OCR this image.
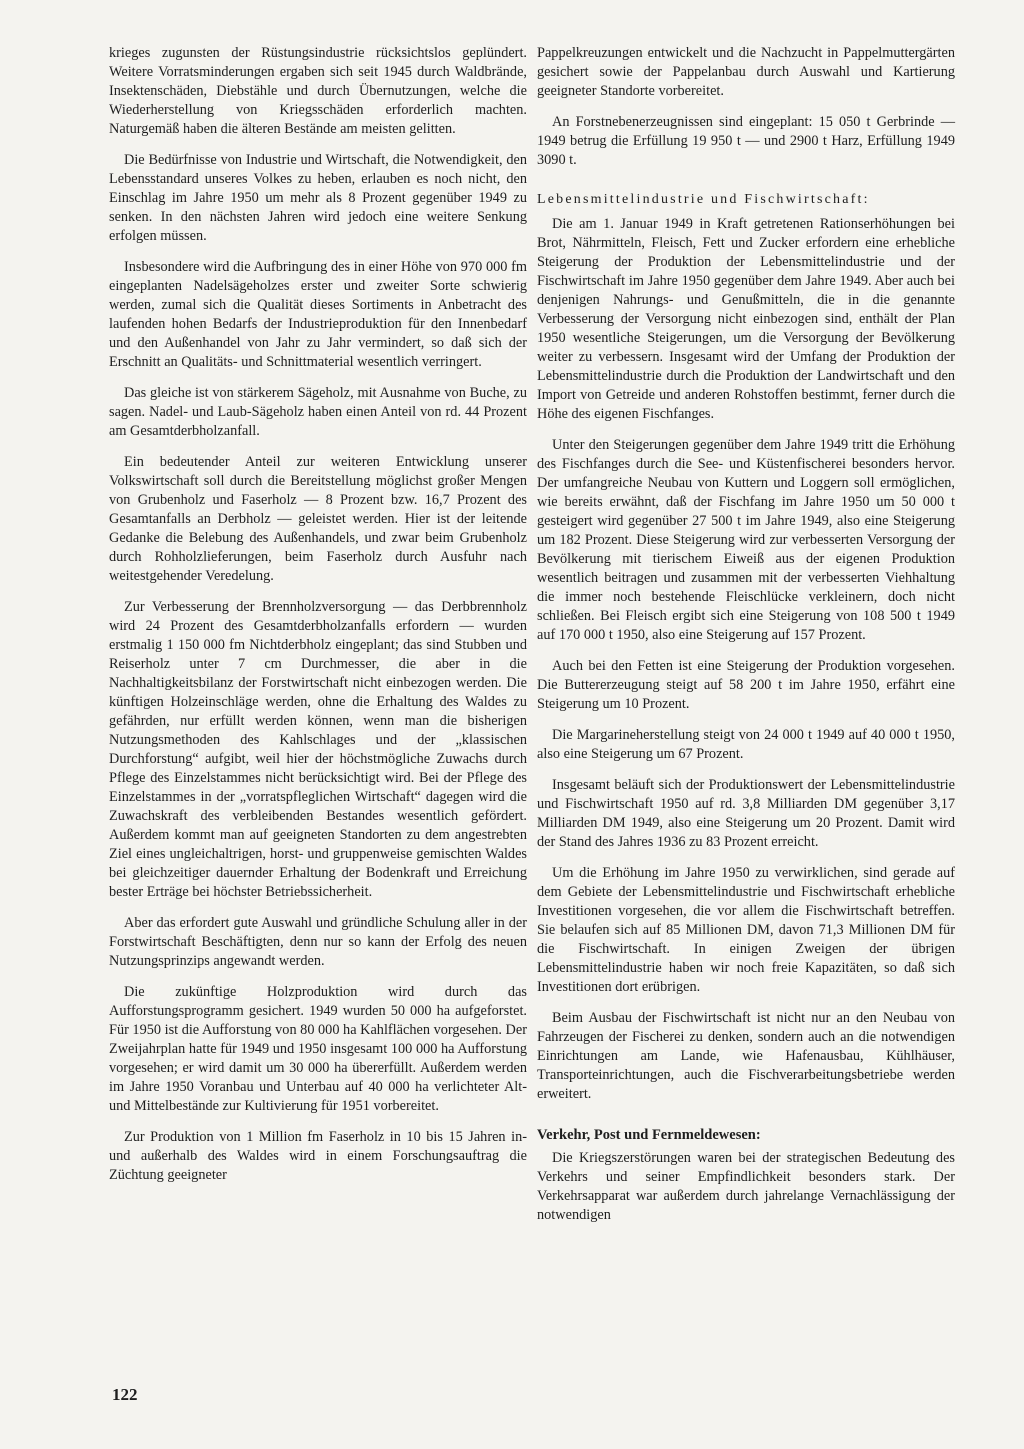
krieges zugunsten der Rüstungsindustrie rücksichtslos geplündert. Weitere Vorratsminderungen ergaben sich seit 1945 durch Waldbrände, Insektenschäden, Diebstähle und durch Übernutzungen, welche die Wiederherstellung von Kriegsschäden erforderlich machten. Naturgemäß haben die älteren Bestände am meisten gelitten.

Die Bedürfnisse von Industrie und Wirtschaft, die Notwendigkeit, den Lebensstandard unseres Volkes zu heben, erlauben es noch nicht, den Einschlag im Jahre 1950 um mehr als 8 Prozent gegenüber 1949 zu senken. In den nächsten Jahren wird jedoch eine weitere Senkung erfolgen müssen.

Insbesondere wird die Aufbringung des in einer Höhe von 970 000 fm eingeplanten Nadelsägeholzes erster und zweiter Sorte schwierig werden, zumal sich die Qualität dieses Sortiments in Anbetracht des laufenden hohen Bedarfs der Industrieproduktion für den Innenbedarf und den Außenhandel von Jahr zu Jahr vermindert, so daß sich der Erschnitt an Qualitäts- und Schnittmaterial wesentlich verringert.

Das gleiche ist von stärkerem Sägeholz, mit Ausnahme von Buche, zu sagen. Nadel- und Laub-Sägeholz haben einen Anteil von rd. 44 Prozent am Gesamtderbholzanfall.

Ein bedeutender Anteil zur weiteren Entwicklung unserer Volkswirtschaft soll durch die Bereitstellung möglichst großer Mengen von Grubenholz und Faserholz — 8 Prozent bzw. 16,7 Prozent des Gesamtanfalls an Derbholz — geleistet werden. Hier ist der leitende Gedanke die Belebung des Außenhandels, und zwar beim Grubenholz durch Rohholzlieferungen, beim Faserholz durch Ausfuhr nach weitestgehender Veredelung.

Zur Verbesserung der Brennholzversorgung — das Derbbrennholz wird 24 Prozent des Gesamtderbholzanfalls erfordern — wurden erstmalig 1 150 000 fm Nichtderbholz eingeplant; das sind Stubben und Reiserholz unter 7 cm Durchmesser, die aber in die Nachhaltigkeitsbilanz der Forstwirtschaft nicht einbezogen werden. Die künftigen Holzeinschläge werden, ohne die Erhaltung des Waldes zu gefährden, nur erfüllt werden können, wenn man die bisherigen Nutzungsmethoden des Kahlschlages und der „klassischen Durchforstung“ aufgibt, weil hier der höchstmögliche Zuwachs durch Pflege des Einzelstammes nicht berücksichtigt wird. Bei der Pflege des Einzelstammes in der „vorratspfleglichen Wirtschaft“ dagegen wird die Zuwachskraft des verbleibenden Bestandes wesentlich gefördert. Außerdem kommt man auf geeigneten Standorten zu dem angestrebten Ziel eines ungleichaltrigen, horst- und gruppenweise gemischten Waldes bei gleichzeitiger dauernder Erhaltung der Bodenkraft und Erreichung bester Erträge bei höchster Betriebssicherheit.

Aber das erfordert gute Auswahl und gründliche Schulung aller in der Forstwirtschaft Beschäftigten, denn nur so kann der Erfolg des neuen Nutzungsprinzips angewandt werden.

Die zukünftige Holzproduktion wird durch das Aufforstungsprogramm gesichert. 1949 wurden 50 000 ha aufgeforstet. Für 1950 ist die Aufforstung von 80 000 ha Kahlflächen vorgesehen. Der Zweijahrplan hatte für 1949 und 1950 insgesamt 100 000 ha Aufforstung vorgesehen; er wird damit um 30 000 ha übererfüllt. Außerdem werden im Jahre 1950 Voranbau und Unterbau auf 40 000 ha verlichteter Alt- und Mittelbestände zur Kultivierung für 1951 vorbereitet.

Zur Produktion von 1 Million fm Faserholz in 10 bis 15 Jahren in- und außerhalb des Waldes wird in einem Forschungsauftrag die Züchtung geeigneter

Pappelkreuzungen entwickelt und die Nachzucht in Pappelmuttergärten gesichert sowie der Pappelanbau durch Auswahl und Kartierung geeigneter Standorte vorbereitet.

An Forstnebenerzeugnissen sind eingeplant: 15 050 t Gerbrinde — 1949 betrug die Erfüllung 19 950 t — und 2900 t Harz, Erfüllung 1949 3090 t.

Lebensmittelindustrie und Fischwirtschaft:

Die am 1. Januar 1949 in Kraft getretenen Rationserhöhungen bei Brot, Nährmitteln, Fleisch, Fett und Zucker erfordern eine erhebliche Steigerung der Produktion der Lebensmittelindustrie und der Fischwirtschaft im Jahre 1950 gegenüber dem Jahre 1949. Aber auch bei denjenigen Nahrungs- und Genußmitteln, die in die genannte Verbesserung der Versorgung nicht einbezogen sind, enthält der Plan 1950 wesentliche Steigerungen, um die Versorgung der Bevölkerung weiter zu verbessern. Insgesamt wird der Umfang der Produktion der Lebensmittelindustrie durch die Produktion der Landwirtschaft und den Import von Getreide und anderen Rohstoffen bestimmt, ferner durch die Höhe des eigenen Fischfanges.

Unter den Steigerungen gegenüber dem Jahre 1949 tritt die Erhöhung des Fischfanges durch die See- und Küstenfischerei besonders hervor. Der umfangreiche Neubau von Kuttern und Loggern soll ermöglichen, wie bereits erwähnt, daß der Fischfang im Jahre 1950 um 50 000 t gesteigert wird gegenüber 27 500 t im Jahre 1949, also eine Steigerung um 182 Prozent. Diese Steigerung wird zur verbesserten Versorgung der Bevölkerung mit tierischem Eiweiß aus der eigenen Produktion wesentlich beitragen und zusammen mit der verbesserten Viehhaltung die immer noch bestehende Fleischlücke verkleinern, doch nicht schließen. Bei Fleisch ergibt sich eine Steigerung von 108 500 t 1949 auf 170 000 t 1950, also eine Steigerung auf 157 Prozent.

Auch bei den Fetten ist eine Steigerung der Produktion vorgesehen. Die Buttererzeugung steigt auf 58 200 t im Jahre 1950, erfährt eine Steigerung um 10 Prozent.

Die Margarineherstellung steigt von 24 000 t 1949 auf 40 000 t 1950, also eine Steigerung um 67 Prozent.

Insgesamt beläuft sich der Produktionswert der Lebensmittelindustrie und Fischwirtschaft 1950 auf rd. 3,8 Milliarden DM gegenüber 3,17 Milliarden DM 1949, also eine Steigerung um 20 Prozent. Damit wird der Stand des Jahres 1936 zu 83 Prozent erreicht.

Um die Erhöhung im Jahre 1950 zu verwirklichen, sind gerade auf dem Gebiete der Lebensmittelindustrie und Fischwirtschaft erhebliche Investitionen vorgesehen, die vor allem die Fischwirtschaft betreffen. Sie belaufen sich auf 85 Millionen DM, davon 71,3 Millionen DM für die Fischwirtschaft. In einigen Zweigen der übrigen Lebensmittelindustrie haben wir noch freie Kapazitäten, so daß sich Investitionen dort erübrigen.

Beim Ausbau der Fischwirtschaft ist nicht nur an den Neubau von Fahrzeugen der Fischerei zu denken, sondern auch an die notwendigen Einrichtungen am Lande, wie Hafenausbau, Kühlhäuser, Transporteinrichtungen, auch die Fischverarbeitungsbetriebe werden erweitert.

Verkehr, Post und Fernmeldewesen:

Die Kriegszerstörungen waren bei der strategischen Bedeutung des Verkehrs und seiner Empfindlichkeit besonders stark. Der Verkehrsapparat war außerdem durch jahrelange Vernachlässigung der notwendigen

122
